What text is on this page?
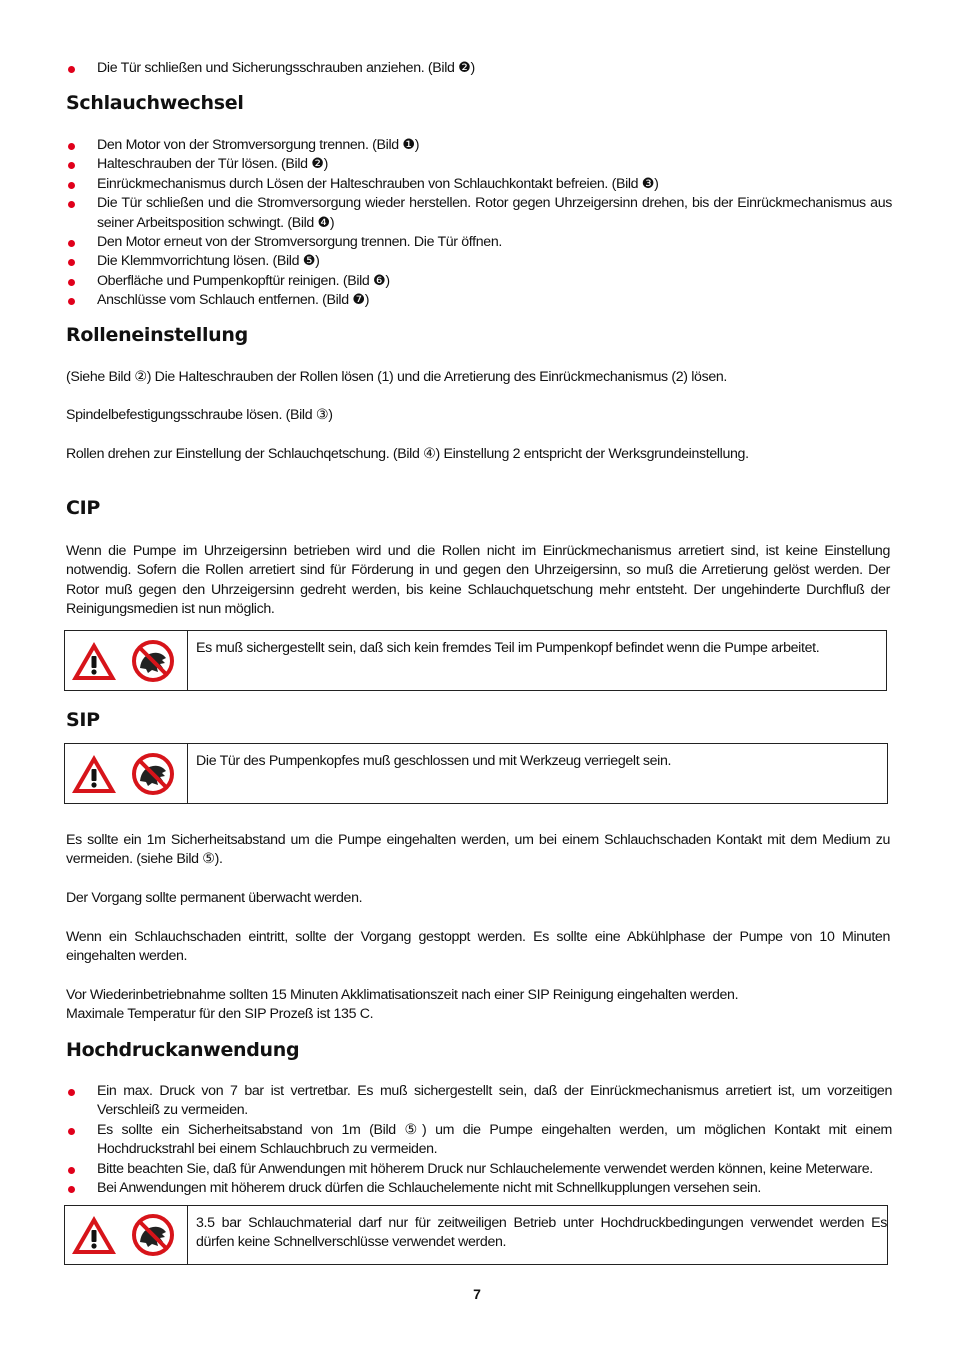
Die Tür schließen und Sicherungsschrauben anziehen. (Bild ❷)
Schlauchwechsel
Den Motor von der Stromversorgung trennen. (Bild ❶)
Halteschrauben der Tür lösen. (Bild ❷)
Einrückmechanismus durch Lösen der Halteschrauben von Schlauchkontakt befreien. (Bild ❸)
Die Tür schließen und die Stromversorgung wieder herstellen. Rotor gegen Uhrzeigersinn drehen, bis der Einrückmechanismus aus seiner Arbeitsposition schwingt. (Bild ❹)
Den Motor erneut von der Stromversorgung trennen. Die Tür öffnen.
Die Klemmvorrichtung lösen. (Bild ❺)
Oberfläche und Pumpenkopftür reinigen. (Bild ❻)
Anschlüsse vom Schlauch entfernen. (Bild ❼)
Rolleneinstellung

(Siehe Bild ②) Die Halteschrauben der Rollen lösen (1) und die Arretierung des Einrückmechanismus (2) lösen.

Spindelbefestigungsschraube lösen. (Bild ③)

Rollen drehen zur Einstellung der Schlauchqetschung. (Bild ④) Einstellung 2 entspricht der Werksgrundeinstellung.

CIP

Wenn die Pumpe im Uhrzeigersinn betrieben wird und die Rollen nicht im Einrückmechanismus arretiert sind, ist keine Einstellung notwendig. Sofern die Rollen arretiert sind für Förderung in und gegen den Uhrzeigersinn, so muß die Arretierung gelöst werden. Der Rotor muß gegen den Uhrzeigersinn gedreht werden, bis keine Schlauchquetschung mehr entsteht. Der ungehinderte Durchfluß der Reinigungsmedien ist nun möglich.

Es muß sichergestellt sein, daß sich kein fremdes Teil im Pumpenkopf befindet wenn die Pumpe arbeitet.
SIP
Die Tür des Pumpenkopfes muß geschlossen und mit Werkzeug verriegelt sein.

Es sollte ein 1m Sicherheitsabstand um die Pumpe eingehalten werden, um bei einem Schlauchschaden Kontakt mit dem Medium zu vermeiden. (siehe Bild ⑤).

Der Vorgang sollte permanent überwacht werden.

Wenn ein Schlauchschaden eintritt, sollte der Vorgang gestoppt werden. Es sollte eine Abkühlphase der Pumpe von 10 Minuten eingehalten werden.

Vor Wiederinbetriebnahme sollten 15 Minuten Akklimatisationszeit nach einer SIP Reinigung eingehalten werden.

Maximale Temperatur für den SIP Prozeß ist 135 C.

Hochdruckanwendung
Ein max. Druck von 7 bar ist vertretbar. Es muß sichergestellt sein, daß der Einrückmechanismus arretiert ist, um vorzeitigen Verschleiß zu vermeiden.
Es sollte ein Sicherheitsabstand von 1m (Bild ⑤) um die Pumpe eingehalten werden, um möglichen Kontakt mit einem Hochdruckstrahl bei einem Schlauchbruch zu vermeiden.
Bitte beachten Sie, daß für Anwendungen mit höherem Druck nur Schlauchelemente verwendet werden können, keine Meterware.
Bei Anwendungen mit höherem druck dürfen die Schlauchelemente nicht mit Schnellkupplungen versehen sein.
3.5 bar Schlauchmaterial darf nur für zeitweiligen Betrieb unter Hochdruckbedingungen verwendet werden Es dürfen keine Schnellverschlüsse verwendet werden.
7
